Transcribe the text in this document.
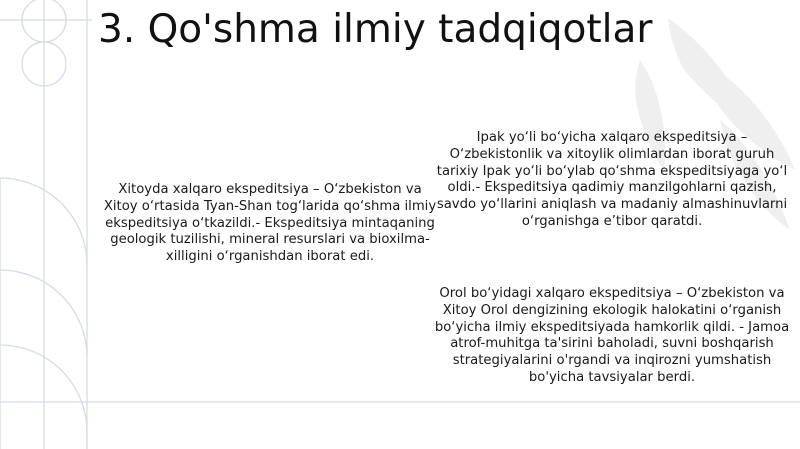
3. Qo'shma ilmiy tadqiqotlar

Xitoyda xalqaro ekspeditsiya – O‘zbekiston va Xitoy o‘rtasida Tyan-Shan tog‘larida qo‘shma ilmiy ekspeditsiya o‘tkazildi.- Ekspeditsiya mintaqaning geologik tuzilishi, mineral resurslari va bioxilma-xilligini o‘rganishdan iborat edi.

Ipak yo‘li bo‘yicha xalqaro ekspeditsiya – O‘zbekistonlik va xitoylik olimlardan iborat guruh tarixiy Ipak yo‘li bo‘ylab qo‘shma ekspeditsiyaga yo‘l oldi.- Ekspeditsiya qadimiy manzilgohlarni qazish, savdo yo‘llarini aniqlash va madaniy almashinuvlarni o‘rganishga e’tibor qaratdi.

Orol bo‘yidagi xalqaro ekspeditsiya – O‘zbekiston va Xitoy Orol dengizining ekologik halokatini o‘rganish bo‘yicha ilmiy ekspeditsiyada hamkorlik qildi. - Jamoa atrof-muhitga ta'sirini baholadi, suvni boshqarish strategiyalarini o'rgandi va inqirozni yumshatish bo'yicha tavsiyalar berdi.
